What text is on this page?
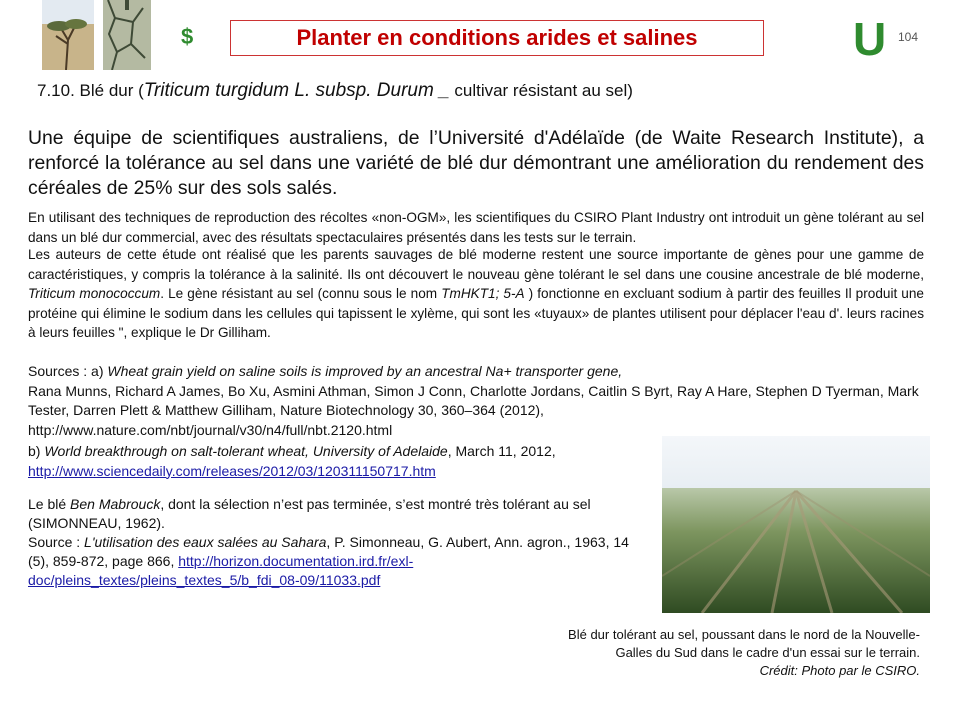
$	Planter en conditions arides et salines	U 104
7.10. Blé dur (Triticum turgidum L. subsp. Durum _ cultivar résistant au sel)
Une équipe de scientifiques australiens, de l’Université d'Adélaïde (de Waite Research Institute), a renforcé la tolérance au sel dans une variété de blé dur démontrant une amélioration du rendement des céréales de 25% sur des sols salés.
En utilisant des techniques de reproduction des récoltes «non-OGM», les scientifiques du CSIRO Plant Industry ont introduit un gène tolérant au sel dans un blé dur commercial, avec des résultats spectaculaires présentés dans les tests sur le terrain.
Les auteurs de cette étude ont réalisé que les parents sauvages de blé moderne restent une source importante de gènes pour une gamme de caractéristiques, y compris la tolérance à la salinité. Ils ont découvert le nouveau gène tolérant le sel dans une cousine ancestrale de blé moderne, Triticum monococcum. Le gène résistant au sel (connu sous le nom TmHKT1; 5-A ) fonctionne en excluant sodium à partir des feuilles Il produit une protéine qui élimine le sodium dans les cellules qui tapissent le xylème, qui sont les «tuyaux» de plantes utilisent pour déplacer l'eau d'. leurs racines à leurs feuilles ", explique le Dr Gilliham.
Sources : a) Wheat grain yield on saline soils is improved by an ancestral Na+ transporter gene,
Rana Munns, Richard A James, Bo Xu, Asmini Athman, Simon J Conn, Charlotte Jordans, Caitlin S Byrt, Ray A Hare, Stephen D Tyerman, Mark Tester, Darren Plett & Matthew Gilliham, Nature Biotechnology 30, 360–364 (2012),
http://www.nature.com/nbt/journal/v30/n4/full/nbt.2120.html
b) World breakthrough on salt-tolerant wheat, University of Adelaide, March 11, 2012,
http://www.sciencedaily.com/releases/2012/03/120311150717.htm
Le blé Ben Mabrouck, dont la sélection n’est pas terminée, s’est montré très tolérant au sel (SIMONNEAU, 1962).
Source : L'utilisation des eaux salées au Sahara, P. Simonneau, G. Aubert, Ann. agron., 1963, 14 (5), 859-872, page 866, http://horizon.documentation.ird.fr/exl-doc/pleins_textes/pleins_textes_5/b_fdi_08-09/11033.pdf
Blé dur tolérant au sel, poussant dans le nord de la Nouvelle-
Galles du Sud dans le cadre d'un essai sur le terrain.
Crédit: Photo par le CSIRO.
